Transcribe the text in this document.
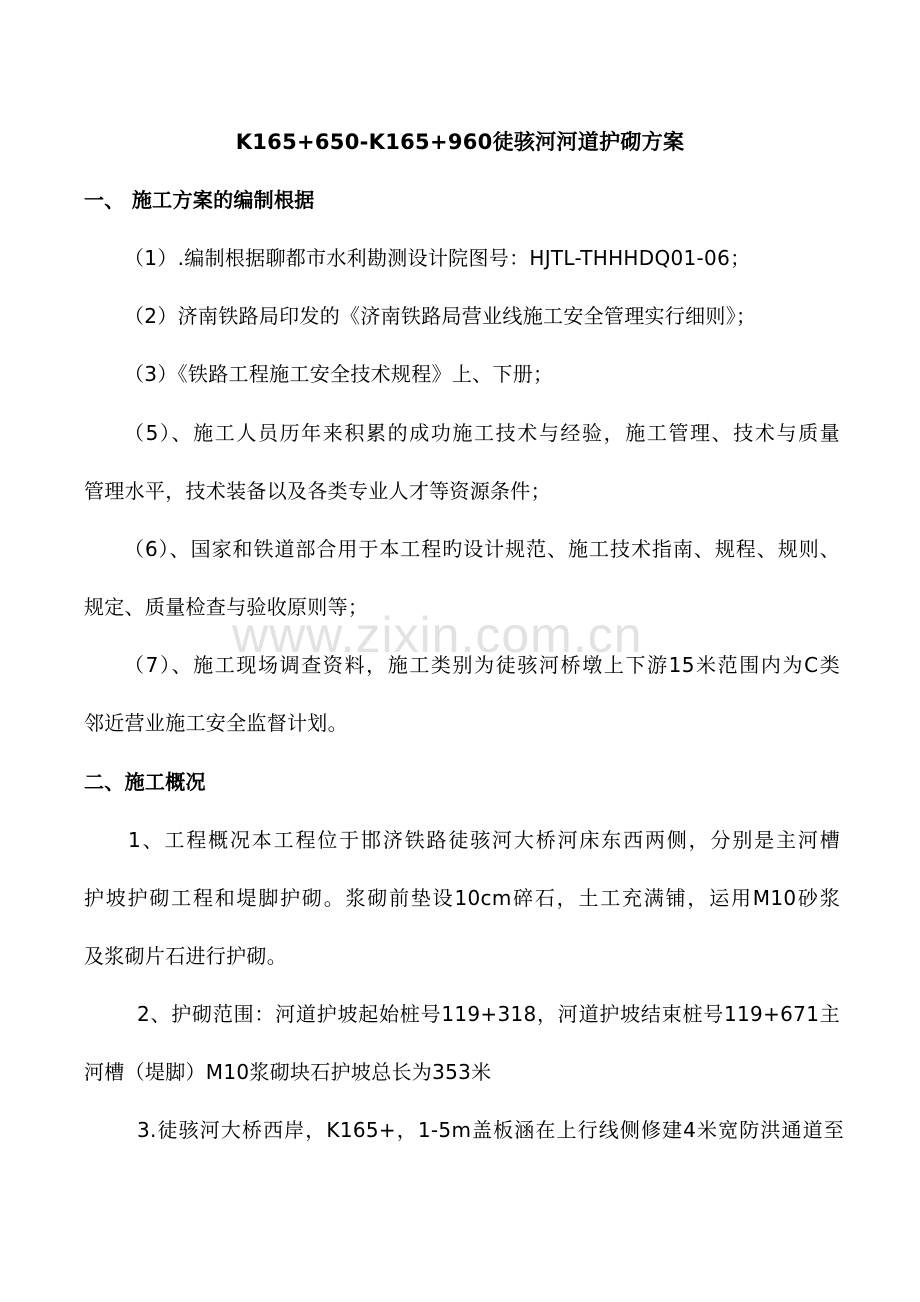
www.zixin.com.cn
K165+650-K165+960徒骇河河道护砌方案
一、 施工方案的编制根据
（1）.编制根据聊都市水利勘测设计院图号：HJTL-THHHDQ01-06；
（2）济南铁路局印发的《济南铁路局营业线施工安全管理实行细则》；
（3）《铁路工程施工安全技术规程》上、下册；
（5）、施工人员历年来积累的成功施工技术与经验，施工管理、技术与质量
管理水平，技术装备以及各类专业人才等资源条件；
（6）、国家和铁道部合用于本工程旳设计规范、施工技术指南、规程、规则、
规定、质量检查与验收原则等；
（7）、施工现场调查资料，施工类别为徒骇河桥墩上下游15米范围内为C类
邻近营业施工安全监督计划。
二、施工概况
1、工程概况本工程位于邯济铁路徒骇河大桥河床东西两侧，分别是主河槽
护坡护砌工程和堤脚护砌。浆砌前垫设10cm碎石，土工充满铺，运用M10砂浆
及浆砌片石进行护砌。
2、护砌范围：河道护坡起始桩号119+318，河道护坡结束桩号119+671主
河槽（堤脚）M10浆砌块石护坡总长为353米
3.徒骇河大桥西岸，K165+，1-5m盖板涵在上行线侧修建4米宽防洪通道至
